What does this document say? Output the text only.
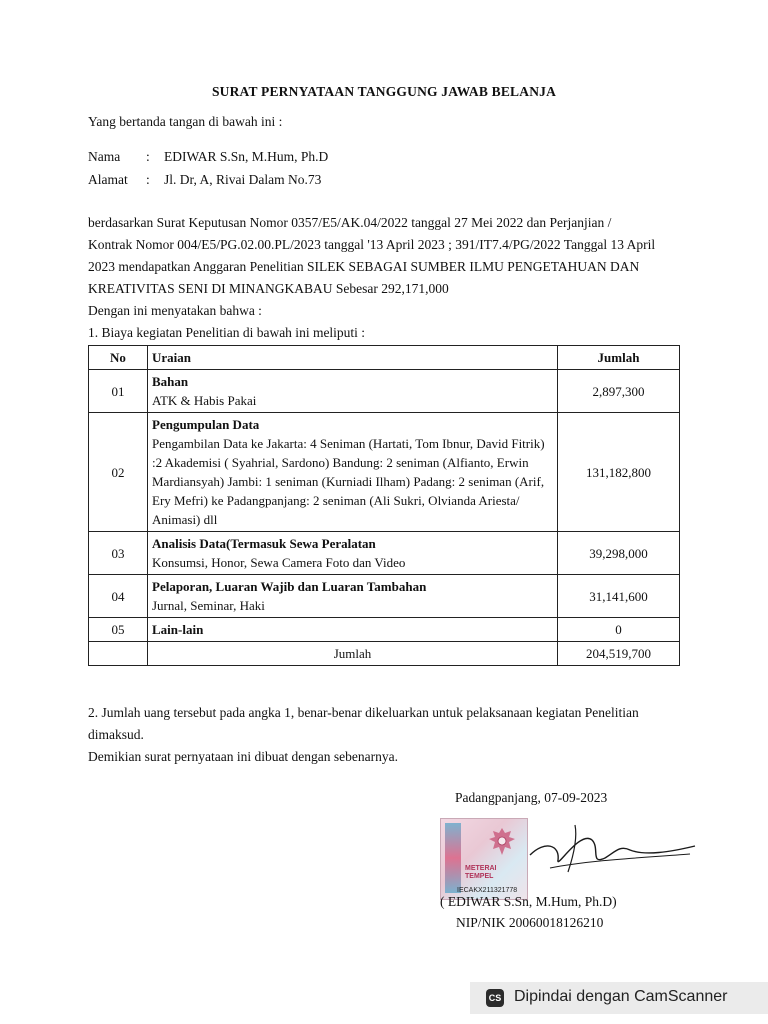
SURAT PERNYATAAN TANGGUNG JAWAB BELANJA
Yang bertanda tangan di bawah ini :
Nama : EDIWAR S.Sn, M.Hum, Ph.D
Alamat : Jl. Dr, A, Rivai Dalam No.73
berdasarkan Surat Keputusan Nomor 0357/E5/AK.04/2022 tanggal 27 Mei 2022 dan Perjanjian /
Kontrak Nomor 004/E5/PG.02.00.PL/2023 tanggal '13 April 2023 ; 391/IT7.4/PG/2022 Tanggal 13 April
2023 mendapatkan Anggaran Penelitian SILEK SEBAGAI SUMBER ILMU PENGETAHUAN DAN
KREATIVITAS SENI DI MINANGKABAU Sebesar 292,171,000
Dengan ini menyatakan bahwa :
1. Biaya kegiatan Penelitian di bawah ini meliputi :
No	Uraian	Jumlah
01	Bahan
ATK & Habis Pakai	2,897,300
02	Pengumpulan Data
Pengambilan Data ke Jakarta: 4 Seniman (Hartati, Tom Ibnur, David Fitrik) :2 Akademisi ( Syahrial, Sardono) Bandung: 2 seniman (Alfianto, Erwin Mardiansyah) Jambi: 1 seniman (Kurniadi Ilham) Padang: 2 seniman (Arif, Ery Mefri) ke Padangpanjang: 2 seniman (Ali Sukri, Olvianda Ariesta/ Animasi) dll	131,182,800
03	Analisis Data(Termasuk Sewa Peralatan
Konsumsi, Honor, Sewa Camera Foto dan Video	39,298,000
04	Pelaporan, Luaran Wajib dan Luaran Tambahan
Jurnal, Seminar, Haki	31,141,600
05	Lain-lain	0
	Jumlah	204,519,700
2. Jumlah uang tersebut pada angka 1, benar-benar dikeluarkan untuk pelaksanaan kegiatan Penelitian
dimaksud.
Demikian surat pernyataan ini dibuat dengan sebenarnya.
Padangpanjang, 07-09-2023
METERAI
TEMPEL
IECAKX211321778
( EDIWAR S.Sn, M.Hum, Ph.D)
NIP/NIK 20060018126210
CS Dipindai dengan CamScanner
